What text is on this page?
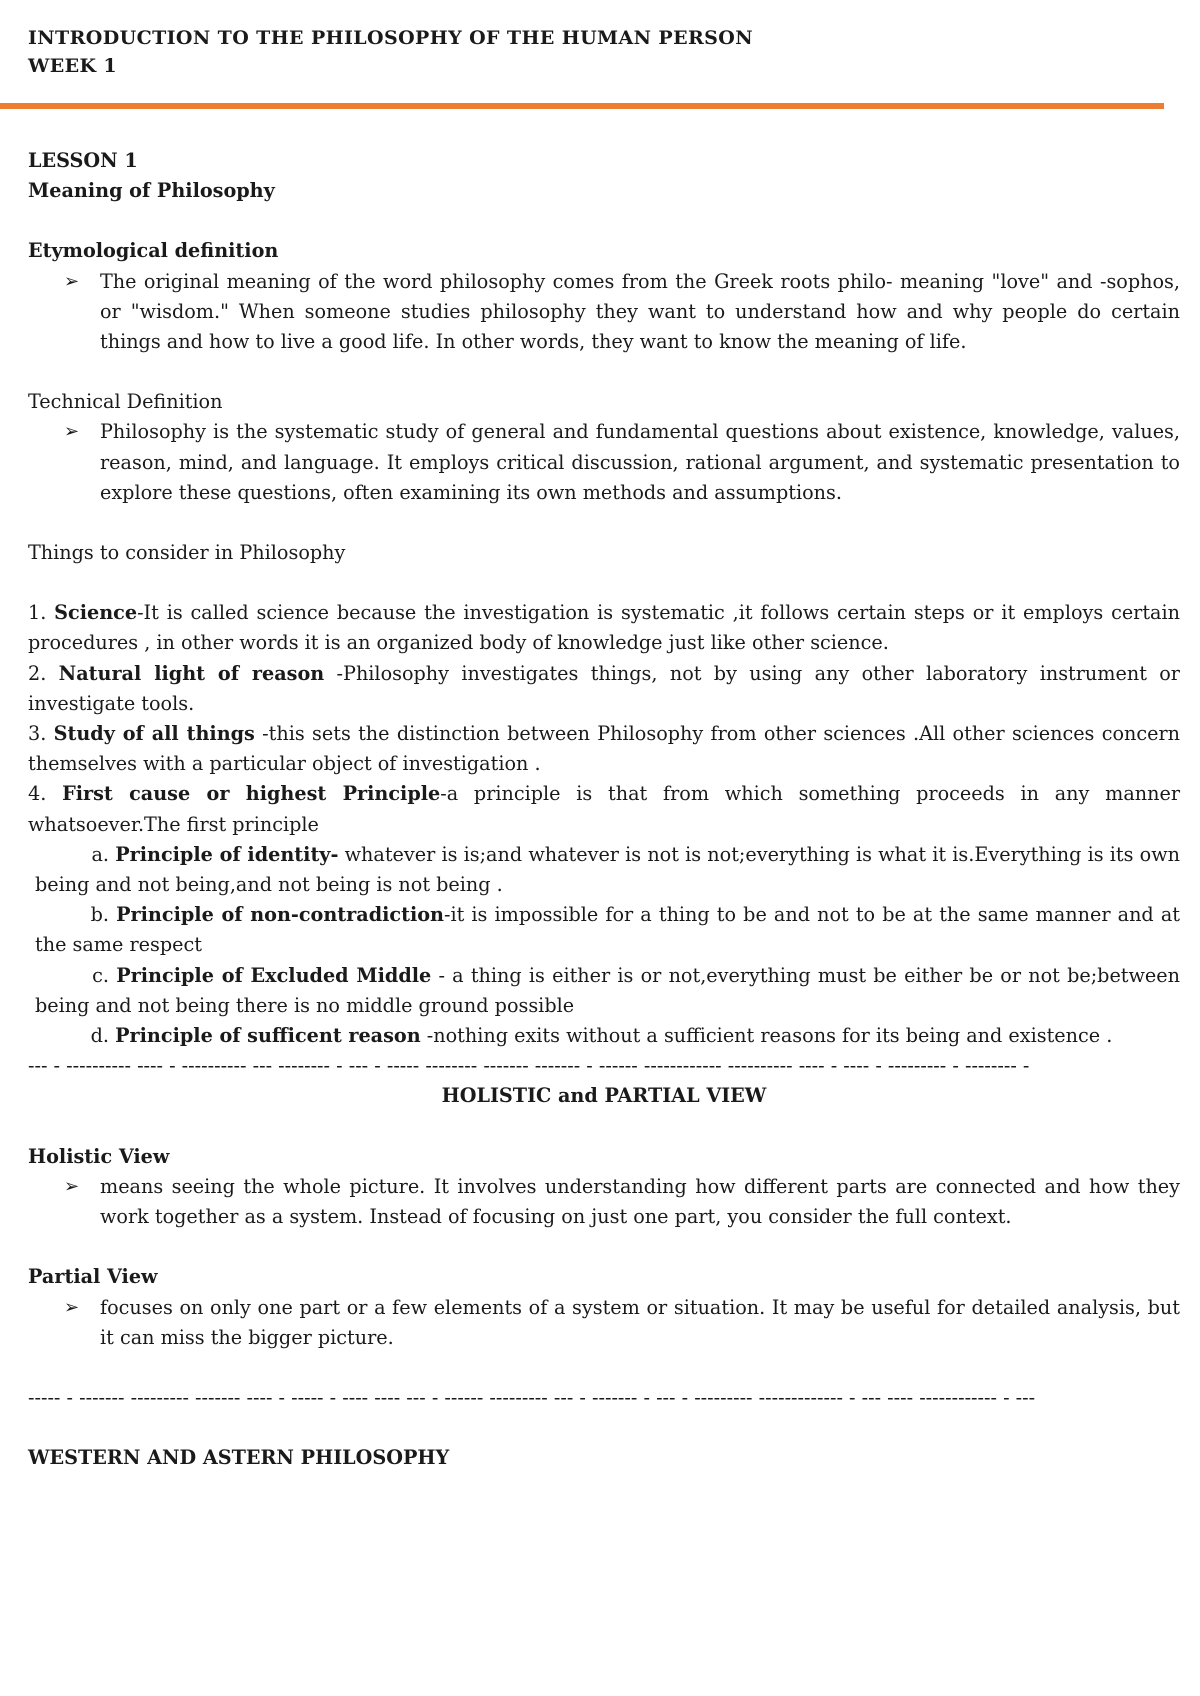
INTRODUCTION TO THE PHILOSOPHY OF THE HUMAN PERSON
WEEK 1
LESSON 1
Meaning of Philosophy
Etymological definition
➢	The original meaning of the word philosophy comes from the Greek roots philo- meaning "love" and -sophos, or "wisdom." When someone studies philosophy they want to understand how and why people do certain things and how to live a good life. In other words, they want to know the meaning of life.
Technical Definition
➢	Philosophy is the systematic study of general and fundamental questions about existence, knowledge, values, reason, mind, and language. It employs critical discussion, rational argument, and systematic presentation to explore these questions, often examining its own methods and assumptions.
Things to consider in Philosophy
1. Science-It is called science because the investigation is systematic ,it follows certain steps or it employs certain procedures , in other words it is an organized body of knowledge just like other science.
2. Natural light of reason -Philosophy investigates things, not by using any other laboratory instrument or investigate tools.
3. Study of all things -this sets the distinction between Philosophy from other sciences .All other sciences concern themselves with a particular object of investigation .
4. First cause or highest Principle-a principle is that from which something proceeds in any manner whatsoever.The first principle
a. Principle of identity- whatever is is;and whatever is not is not;everything is what it is.Everything is its own being and not being,and not being is not being .
b. Principle of non-contradiction-it is impossible for a thing to be and not to be at the same manner and at the same respect
c. Principle of Excluded Middle - a thing is either is or not,everything must be either be or not be;between being and not being there is no middle ground possible
d. Principle of sufficent reason -nothing exits without a sufficient reasons for its being and existence .
--- - ---------- ---- - ---------- --- -------- - --- - ----- -------- ------- ------- - ------ ------------ ---------- ---- - ---- - --------- - -------- -
HOLISTIC and PARTIAL VIEW
Holistic View
➢	means seeing the whole picture. It involves understanding how different parts are connected and how they work together as a system. Instead of focusing on just one part, you consider the full context.
Partial View
➢	focuses on only one part or a few elements of a system or situation. It may be useful for detailed analysis, but it can miss the bigger picture.
----- - ------- --------- ------- ---- - ----- - ---- ---- --- - ------ --------- --- - ------- - --- - --------- ------------- - --- ---- ------------ - ---
WESTERN AND ASTERN PHILOSOPHY
